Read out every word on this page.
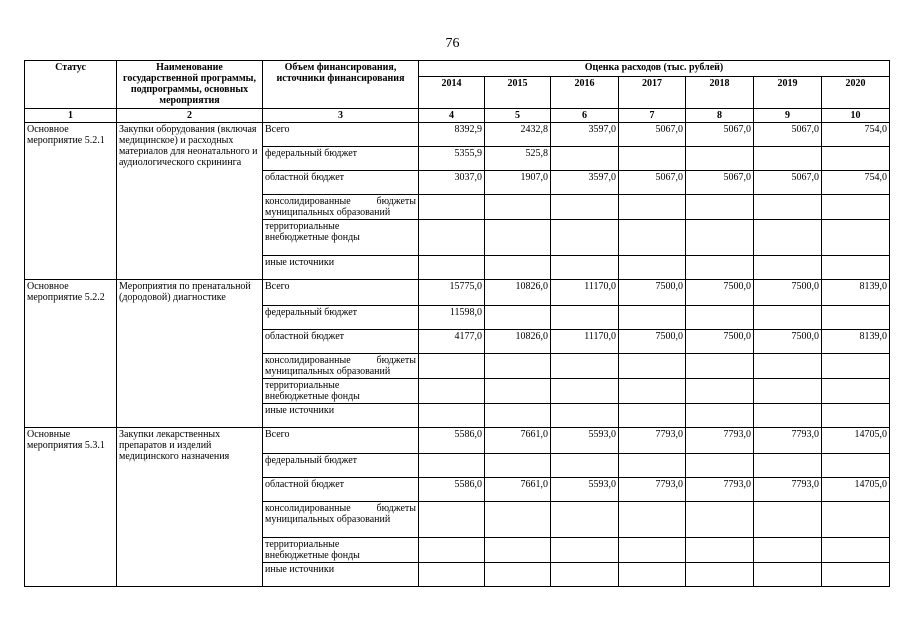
76
Статус	Наименование государственной программы, подпрограммы, основных мероприятия	Объем финансирования, источники финансирования	Оценка расходов (тыс. рублей)						
			2014	2015	2016	2017	2018	2019	2020
1	2	3	4	5	6	7	8	9	10
Основное мероприятие 5.2.1	Закупки оборудования (включая медицинское) и расходных материалов для неонатального и аудиологического скрининга	Всего	8392,9	2432,8	3597,0	5067,0	5067,0	5067,0	754,0
		федеральный бюджет	5355,9	525,8					
		областной бюджет	3037,0	1907,0	3597,0	5067,0	5067,0	5067,0	754,0

		консолидированные бюджеты
муниципальных образований							

		территориальные внебюджетные фонды							
		иные источники							
Основное мероприятие 5.2.2	Мероприятия по пренатальной (дородовой) диагностике	Всего	15775,0	10826,0	11170,0	7500,0	7500,0	7500,0	8139,0
		федеральный бюджет	11598,0						
		областной бюджет	4177,0	10826,0	11170,0	7500,0	7500,0	7500,0	8139,0

		консолидированные бюджеты
муниципальных образований							

		территориальные внебюджетные фонды							
		иные источники							
Основные мероприятия 5.3.1	Закупки лекарственных препаратов и изделий медицинского назначения	Всего	5586,0	7661,0	5593,0	7793,0	7793,0	7793,0	14705,0
		федеральный бюджет							
		областной бюджет	5586,0	7661,0	5593,0	7793,0	7793,0	7793,0	14705,0

		консолидированные бюджеты
муниципальных образований							

		территориальные внебюджетные фонды							
		иные источники							
